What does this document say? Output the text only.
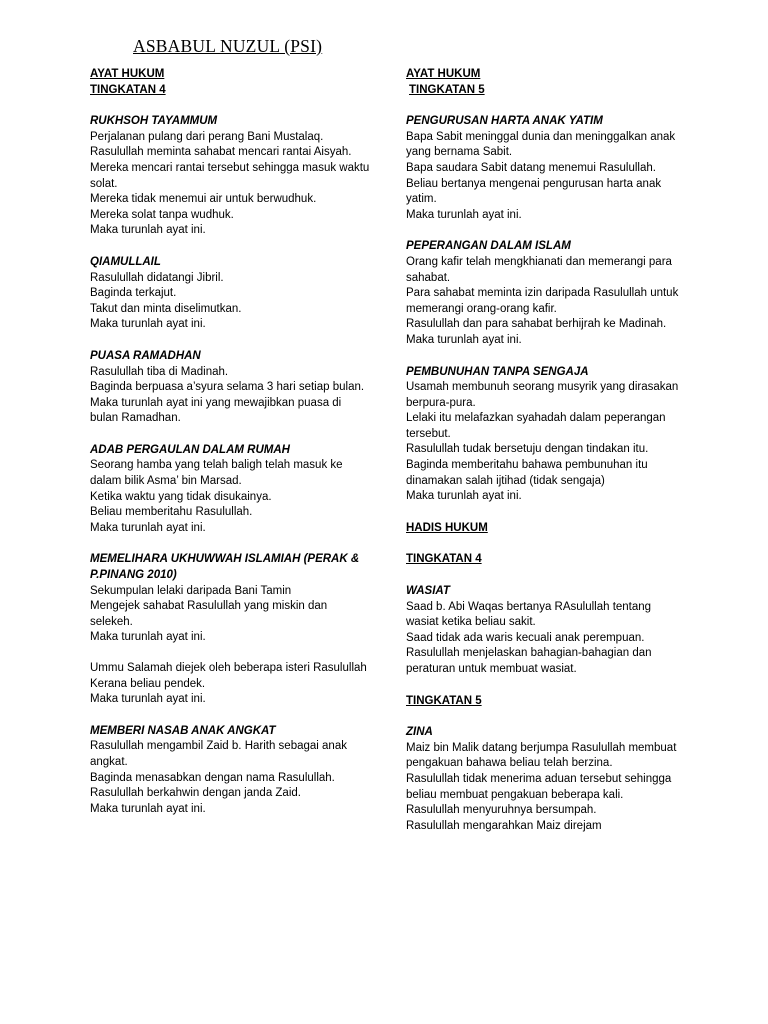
ASBABUL NUZUL (PSI)
AYAT HUKUM
TINGKATAN 4
RUKHSOH TAYAMMUM
Perjalanan pulang dari perang Bani Mustalaq.
Rasulullah meminta sahabat mencari rantai Aisyah.
Mereka mencari rantai tersebut sehingga masuk waktu solat.
Mereka tidak menemui air untuk berwudhuk.
Mereka solat tanpa wudhuk.
Maka turunlah ayat ini.
QIAMULLAIL
Rasulullah didatangi Jibril.
Baginda terkajut.
Takut dan minta diselimutkan.
Maka turunlah ayat ini.
PUASA RAMADHAN
Rasulullah tiba di Madinah.
Baginda berpuasa a’syura selama 3 hari setiap bulan.
Maka turunlah ayat ini yang mewajibkan puasa di bulan Ramadhan.
ADAB PERGAULAN DALAM RUMAH
Seorang hamba yang telah baligh telah masuk ke dalam bilik Asma’ bin Marsad.
Ketika waktu yang tidak disukainya.
Beliau memberitahu Rasulullah.
Maka turunlah ayat ini.
MEMELIHARA UKHUWWAH ISLAMIAH (PERAK & P.PINANG 2010)
Sekumpulan lelaki daripada Bani Tamin
Mengejek sahabat Rasulullah yang miskin dan selekeh.
Maka turunlah ayat ini.
Ummu Salamah diejek oleh beberapa isteri Rasulullah
Kerana beliau pendek.
Maka turunlah ayat ini.
MEMBERI NASAB ANAK ANGKAT
Rasulullah mengambil Zaid b. Harith sebagai anak angkat.
Baginda menasabkan dengan nama Rasulullah.
Rasulullah berkahwin dengan janda Zaid.
Maka turunlah ayat ini.
AYAT HUKUM
TINGKATAN 5
PENGURUSAN HARTA ANAK YATIM
Bapa Sabit meninggal dunia dan meninggalkan anak yang bernama Sabit.
Bapa saudara Sabit datang menemui Rasulullah.
Beliau bertanya mengenai pengurusan harta anak yatim.
Maka turunlah ayat ini.
PEPERANGAN DALAM ISLAM
Orang kafir telah mengkhianati dan memerangi para sahabat.
Para sahabat meminta izin daripada Rasulullah untuk memerangi orang-orang kafir.
Rasulullah dan para sahabat berhijrah ke Madinah.
Maka turunlah ayat ini.
PEMBUNUHAN TANPA SENGAJA
Usamah membunuh seorang musyrik yang dirasakan berpura-pura.
Lelaki itu melafazkan syahadah dalam peperangan tersebut.
Rasulullah tudak bersetuju dengan tindakan itu.
Baginda memberitahu bahawa pembunuhan itu dinamakan salah ijtihad (tidak sengaja)
Maka turunlah ayat ini.
HADIS HUKUM
TINGKATAN 4
WASIAT
Saad b. Abi Waqas bertanya RAsulullah tentang wasiat ketika beliau sakit.
Saad tidak ada waris kecuali anak perempuan.
Rasulullah menjelaskan bahagian-bahagian dan peraturan untuk membuat wasiat.
TINGKATAN 5
ZINA
Maiz bin Malik datang berjumpa Rasulullah membuat pengakuan bahawa beliau telah berzina.
Rasulullah tidak menerima aduan tersebut sehingga beliau membuat pengakuan beberapa kali.
Rasulullah menyuruhnya bersumpah.
Rasulullah mengarahkan Maiz direjam
